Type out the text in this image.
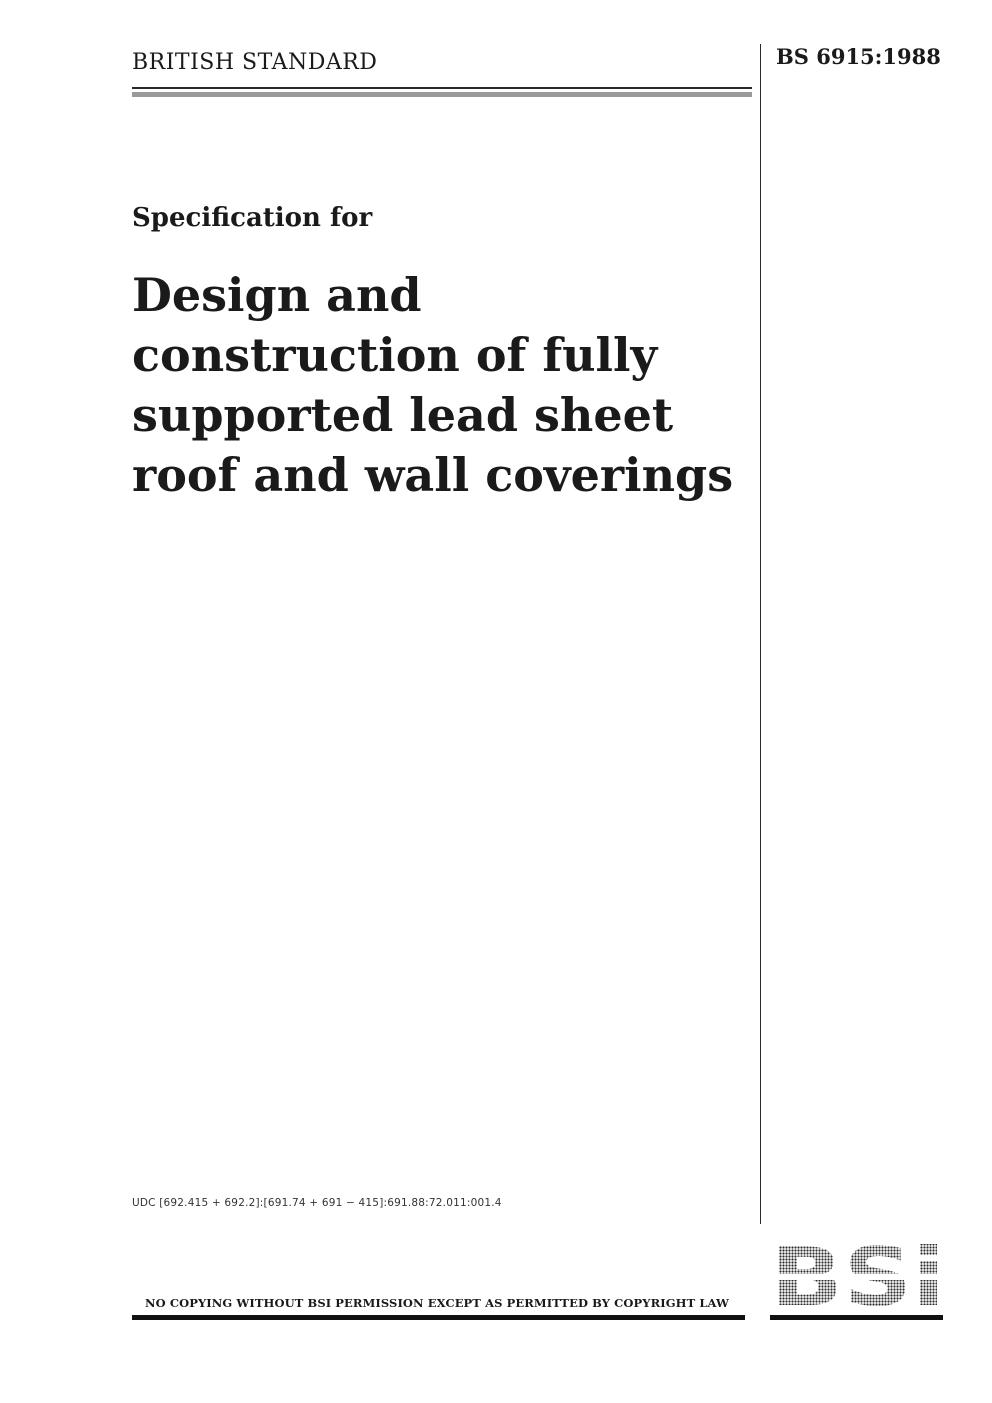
BRITISH STANDARD	BS 6915:1988
Specification for
Design and
construction of fully
supported lead sheet
roof and wall coverings
UDC [692.415 + 692.2]:[691.74 + 691 − 415]:691.88:72.011:001.4
NO COPYING WITHOUT BSI PERMISSION EXCEPT AS PERMITTED BY COPYRIGHT LAW
